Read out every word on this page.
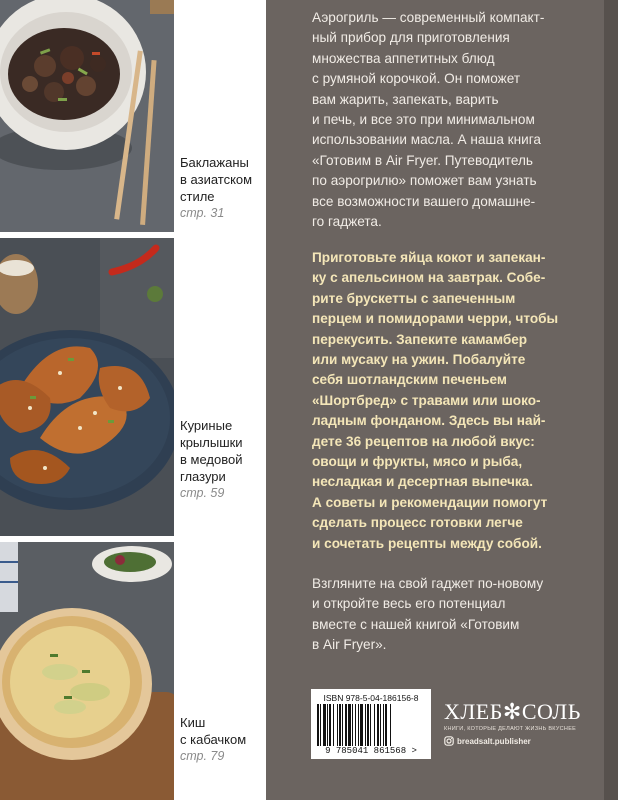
Баклажаны
в азиатском
стиле
стр. 31
Куриные
крылышки
в медовой
глазури
стр. 59
Киш
с кабачком
стр. 79
Аэрогриль — современный компакт-
ный прибор для приготовления
множества аппетитных блюд
с румяной корочкой. Он поможет
вам жарить, запекать, варить
и печь, и все это при минимальном
использовании масла. А наша книга
«Готовим в Air Fryer. Путеводитель
по аэрогрилю» поможет вам узнать
все возможности вашего домашне-
го гаджета.
Приготовьте яйца кокот и запекан-
ку с апельсином на завтрак. Собе-
рите брускетты с запеченным
перцем и помидорами черри, чтобы
перекусить. Запеките камамбер
или мусаку на ужин. Побалуйте
себя шотландским печеньем
«Шортбред» с травами или шоко-
ладным фонданом. Здесь вы най-
дете 36 рецептов на любой вкус:
овощи и фрукты, мясо и рыба,
несладкая и десертная выпечка.
А советы и рекомендации помогут
сделать процесс готовки легче
и сочетать рецепты между собой.
Взгляните на свой гаджет по-новому
и откройте весь его потенциал
вместе с нашей книгой «Готовим
в Air Fryer».
ISBN 978-5-04-186156-8
9 785041 861568 >
ХЛЕБ✻СОЛЬ
КНИГИ, КОТОРЫЕ ДЕЛАЮТ ЖИЗНЬ ВКУСНЕЕ
breadsalt.publisher
